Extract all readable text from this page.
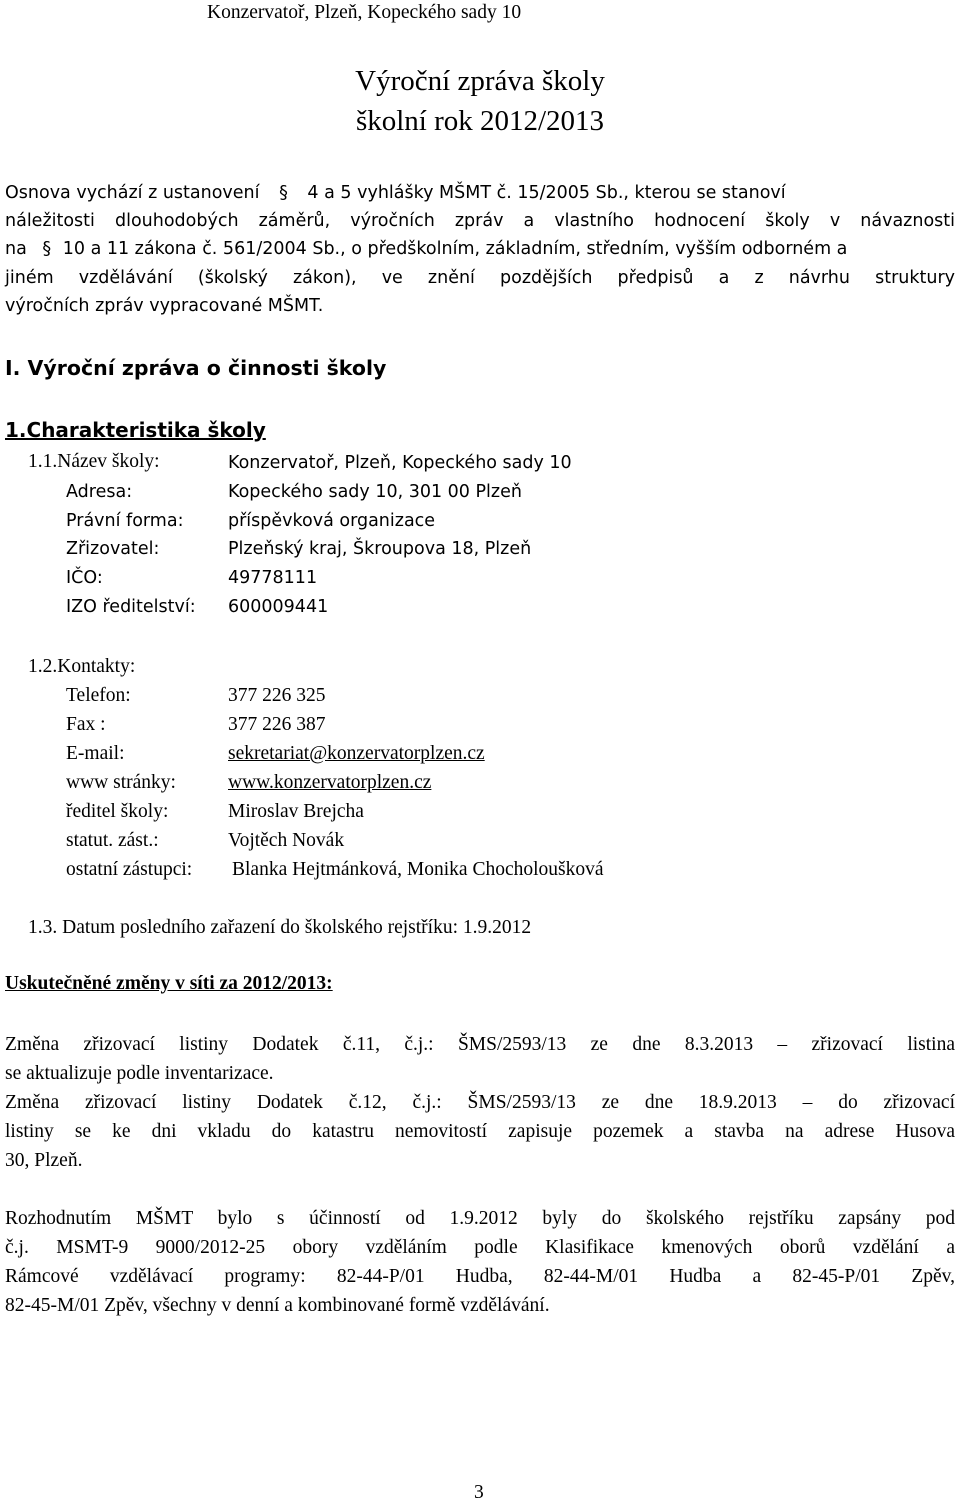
Konzervatoř, Plzeň, Kopeckého sady 10
Výroční zpráva školy
školní rok 2012/2013
Osnova vychází z ustanovení § 4 a 5 vyhlášky MŠMT č. 15/2005 Sb., kterou se stanoví
náležitosti dlouhodobých záměrů, výročních zpráv a vlastního hodnocení školy v návaznosti
na § 10 a 11 zákona č. 561/2004 Sb., o předškolním, základním, středním, vyšším odborném a
jiném vzdělávání (školský zákon), ve znění pozdějších předpisů a z návrhu struktury
výročních zpráv vypracované MŠMT.
I. Výroční zpráva o činnosti školy
1.Charakteristika školy
1.1.Název školy:	Konzervatoř, Plzeň, Kopeckého sady 10
Adresa:	Kopeckého sady 10, 301 00 Plzeň
Právní forma:	příspěvková organizace
Zřizovatel:	Plzeňský kraj, Škroupova 18, Plzeň
IČO:	49778111
IZO ředitelství: 600009441
1.2.Kontakty:
Telefon:	377 226 325
Fax :	377 226 387
E-mail:	sekretariat@konzervatorplzen.cz
www stránky:	www.konzervatorplzen.cz
ředitel školy:	Miroslav Brejcha
statut. zást.:	Vojtěch Novák
ostatní zástupci: Blanka Hejtmánková, Monika Chocholoušková
1.3. Datum posledního zařazení do školského rejstříku: 1.9.2012
Uskutečněné změny v síti za 2012/2013:
Změna zřizovací listiny Dodatek č.11, č.j.: ŠMS/2593/13 ze dne 8.3.2013 – zřizovací listina
se aktualizuje podle inventarizace.
Změna zřizovací listiny Dodatek č.12, č.j.: ŠMS/2593/13 ze dne 18.9.2013 – do zřizovací
listiny se ke dni vkladu do katastru nemovitostí zapisuje pozemek a stavba na adrese Husova
30, Plzeň.
Rozhodnutím MŠMT bylo s účinností od 1.9.2012 byly do školského rejstříku zapsány pod
č.j. MSMT-9 9000/2012-25 obory vzděláním podle Klasifikace kmenových oborů vzdělání a
Rámcové vzdělávací programy: 82-44-P/01 Hudba, 82-44-M/01 Hudba a 82-45-P/01 Zpěv,
82-45-M/01 Zpěv, všechny v denní a kombinované formě vzdělávání.
3
